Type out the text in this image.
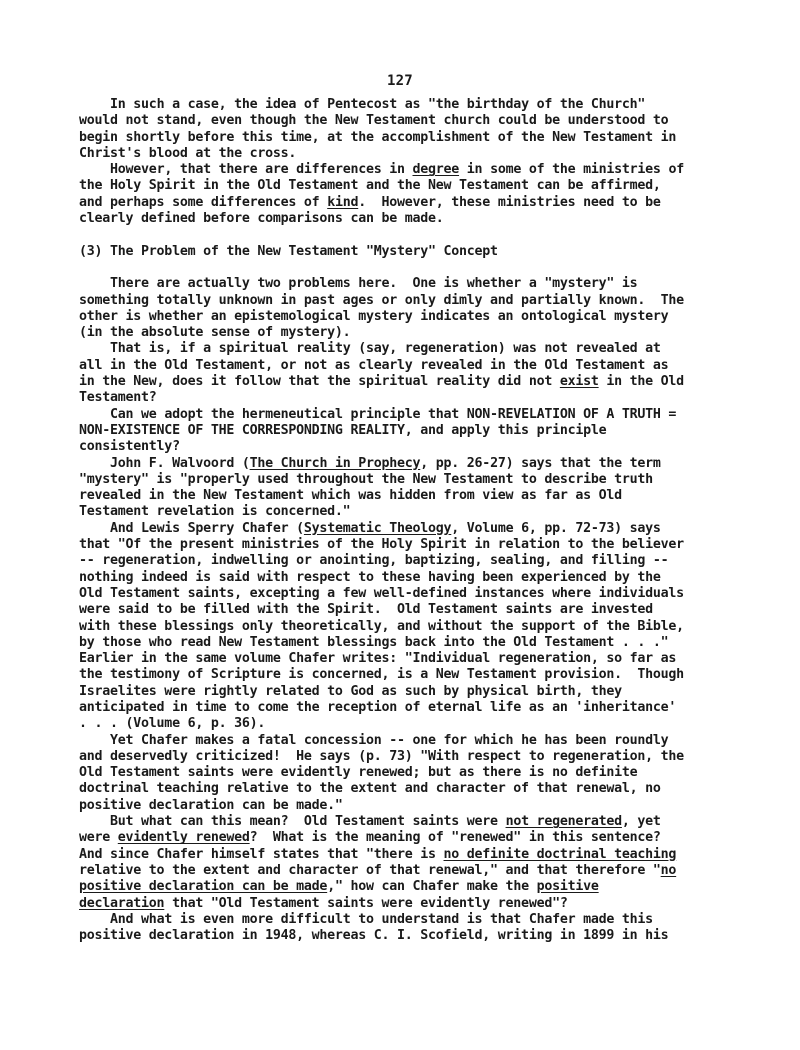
127

In such a case, the idea of Pentecost as "the birthday of the Church"
would not stand, even though the New Testament church could be understood to
begin shortly before this time, at the accomplishment of the New Testament in
Christ's blood at the cross.

However, that there are differences in degree in some of the ministries of
the Holy Spirit in the Old Testament and the New Testament can be affirmed,
and perhaps some differences of kind.  However, these ministries need to be
clearly defined before comparisons can be made.

(3) The Problem of the New Testament "Mystery" Concept

There are actually two problems here.  One is whether a "mystery" is
something totally unknown in past ages or only dimly and partially known.  The
other is whether an epistemological mystery indicates an ontological mystery
(in the absolute sense of mystery).

That is, if a spiritual reality (say, regeneration) was not revealed at
all in the Old Testament, or not as clearly revealed in the Old Testament as
in the New, does it follow that the spiritual reality did not exist in the Old
Testament?

Can we adopt the hermeneutical principle that NON-REVELATION OF A TRUTH =
NON-EXISTENCE OF THE CORRESPONDING REALITY, and apply this principle
consistently?

John F. Walvoord (The Church in Prophecy, pp. 26-27) says that the term
"mystery" is "properly used throughout the New Testament to describe truth
revealed in the New Testament which was hidden from view as far as Old
Testament revelation is concerned."

And Lewis Sperry Chafer (Systematic Theology, Volume 6, pp. 72-73) says
that "Of the present ministries of the Holy Spirit in relation to the believer
-- regeneration, indwelling or anointing, baptizing, sealing, and filling --
nothing indeed is said with respect to these having been experienced by the
Old Testament saints, excepting a few well-defined instances where individuals
were said to be filled with the Spirit.  Old Testament saints are invested
with these blessings only theoretically, and without the support of the Bible,
by those who read New Testament blessings back into the Old Testament . . ."
Earlier in the same volume Chafer writes: "Individual regeneration, so far as
the testimony of Scripture is concerned, is a New Testament provision.  Though
Israelites were rightly related to God as such by physical birth, they
anticipated in time to come the reception of eternal life as an 'inheritance'
. . . (Volume 6, p. 36).

Yet Chafer makes a fatal concession -- one for which he has been roundly
and deservedly criticized!  He says (p. 73) "With respect to regeneration, the
Old Testament saints were evidently renewed; but as there is no definite
doctrinal teaching relative to the extent and character of that renewal, no
positive declaration can be made."

But what can this mean?  Old Testament saints were not regenerated, yet
were evidently renewed?  What is the meaning of "renewed" in this sentence?
And since Chafer himself states that "there is no definite doctrinal teaching
relative to the extent and character of that renewal," and that therefore "no
positive declaration can be made," how can Chafer make the positive
declaration that "Old Testament saints were evidently renewed"?

And what is even more difficult to understand is that Chafer made this
positive declaration in 1948, whereas C. I. Scofield, writing in 1899 in his
